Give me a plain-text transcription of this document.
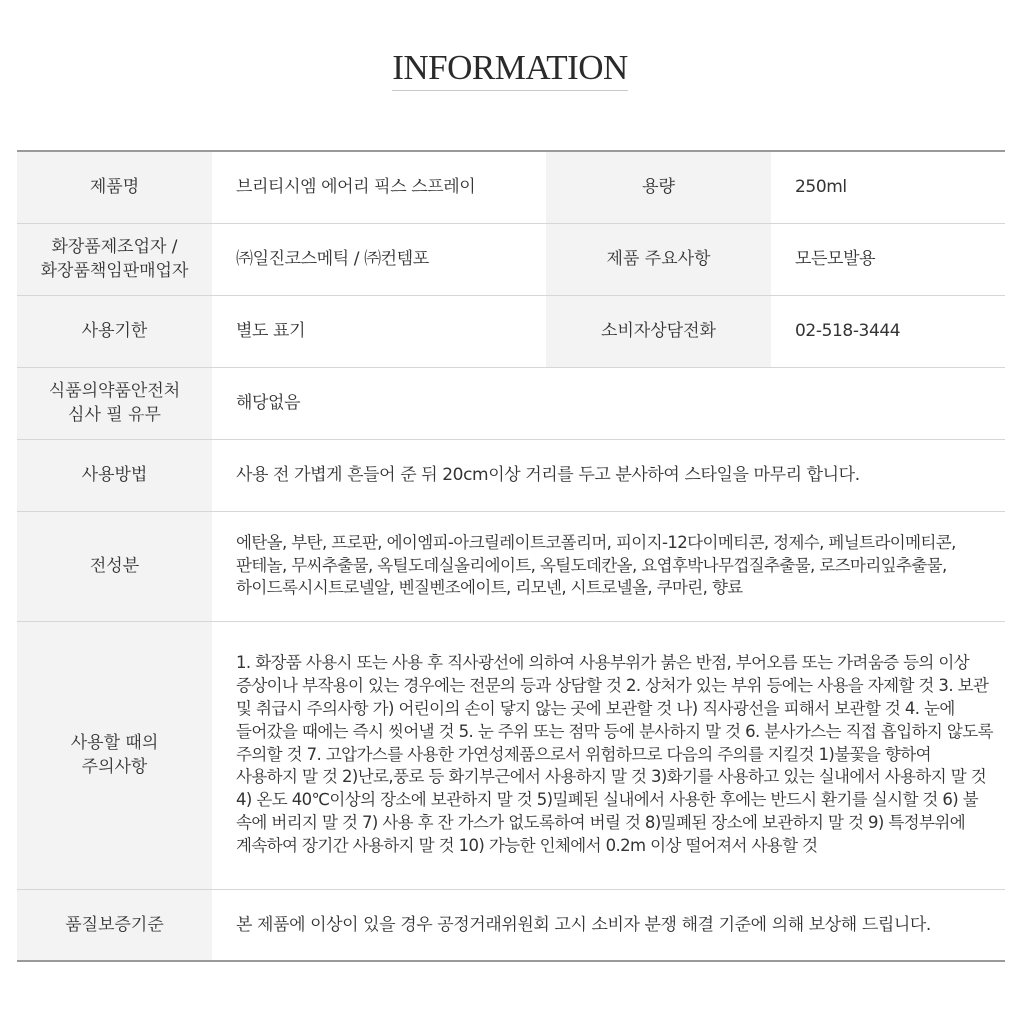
INFORMATION
제품명	브리티시엠 에어리 픽스 스프레이	용량	250ml
화장품제조업자 /
화장품책임판매업자	㈜일진코스메틱 / ㈜컨템포	제품 주요사항	모든모발용
사용기한	별도 표기	소비자상담전화	02-518-3444
식품의약품안전처
심사 필 유무	해당없음		
사용방법	사용 전 가볍게 흔들어 준 뒤 20cm이상 거리를 두고 분사하여 스타일을 마무리 합니다.		
전성분	에탄올, 부탄, 프로판, 에이엠피-아크릴레이트코폴리머, 피이지-12다이메티콘, 정제수, 페닐트라이메티콘, 판테놀, 무씨추출물, 옥틸도데실올리에이트, 옥틸도데칸올, 요엽후박나무껍질추출물, 로즈마리잎추출물, 하이드록시시트로넬알, 벤질벤조에이트, 리모넨, 시트로넬올, 쿠마린, 향료		

사용할 때의
주의사항	1. 화장품 사용시 또는 사용 후 직사광선에 의하여 사용부위가 붉은 반점, 부어오름 또는 가려움증 등의 이상 증상이나 부작용이 있는 경우에는 전문의 등과 상담할 것 2. 상처가 있는 부위 등에는 사용을 자제할 것 3. 보관 및 취급시 주의사항 가) 어린이의 손이 닿지 않는 곳에 보관할 것 나) 직사광선을 피해서 보관할 것 4. 눈에 들어갔을 때에는 즉시 씻어낼 것 5. 눈 주위 또는 점막 등에 분사하지 말 것 6. 분사가스는 직접 흡입하지 않도록 주의할 것 7. 고압가스를 사용한 가연성제품으로서 위험하므로 다음의 주의를 지킬것 1)불꽃을 향하여 사용하지 말 것 2)난로,풍로 등 화기부근에서 사용하지 말 것 3)화기를 사용하고 있는 실내에서 사용하지 말 것 4) 온도 40℃이상의 장소에 보관하지 말 것 5)밀폐된 실내에서 사용한 후에는 반드시 환기를 실시할 것 6) 불 속에 버리지 말 것 7) 사용 후 잔 가스가 없도록하여 버릴 것 8)밀폐된 장소에 보관하지 말 것 9) 특정부위에 계속하여 장기간 사용하지 말 것 10) 가능한 인체에서 0.2m 이상 떨어져서 사용할 것		

품질보증기준	본 제품에 이상이 있을 경우 공정거래위원회 고시 소비자 분쟁 해결 기준에 의해 보상해 드립니다.		
